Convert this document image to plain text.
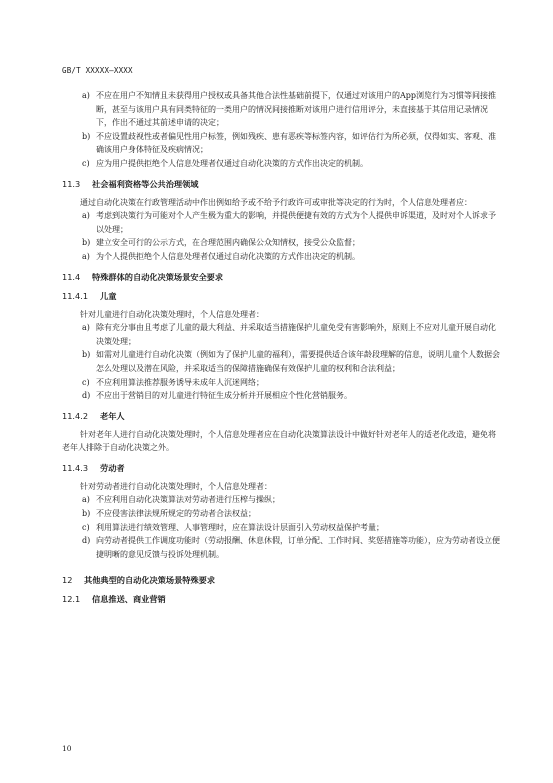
GB/T XXXXX—XXXX
a) 不应在用户不知情且未获得用户授权或具备其他合法性基础前提下，仅通过对该用户的App浏览行为习惯等间接推断，甚至与该用户具有同类特征的一类用户的情况间接推断对该用户进行信用评分，未直接基于其信用记录情况下，作出不通过其前述申请的决定；
b) 不应设置歧视性或者偏见性用户标签，例如残疾、患有恶疾等标签内容，如评估行为所必须，仅得如实、客观、准确该用户身体特征及疾病情况；
c) 应为用户提供拒绝个人信息处理者仅通过自动化决策的方式作出决定的机制。
11.3 社会福利资格等公共治理领域
通过自动化决策在行政管理活动中作出例如给予或不给予行政许可或审批等决定的行为时，个人信息处理者应：
a) 考虑到决策行为可能对个人产生极为重大的影响，并提供便捷有效的方式为个人提供申诉渠道，及时对个人诉求予以处理；
b) 建立安全可行的公示方式，在合理范围内确保公众知情权，接受公众监督；
a) 为个人提供拒绝个人信息处理者仅通过自动化决策的方式作出决定的机制。
11.4 特殊群体的自动化决策场景安全要求
11.4.1 儿童
针对儿童进行自动化决策处理时，个人信息处理者：
a) 除有充分事由且考虑了儿童的最大利益、并采取适当措施保护儿童免受有害影响外，原则上不应对儿童开展自动化决策处理；
b) 如需对儿童进行自动化决策（例如为了保护儿童的福利），需要提供适合该年龄段理解的信息，说明儿童个人数据会怎么处理以及潜在风险，并采取适当的保障措施确保有效保护儿童的权利和合法利益；
c) 不应利用算法推荐服务诱导未成年人沉迷网络；
d) 不应出于营销目的对儿童进行特征生成分析并开展相应个性化营销服务。
11.4.2 老年人
针对老年人进行自动化决策处理时，个人信息处理者应在自动化决策算法设计中做好针对老年人的适老化改造，避免将老年人排除于自动化决策之外。
11.4.3 劳动者
针对劳动者进行自动化决策处理时，个人信息处理者：
a) 不应利用自动化决策算法对劳动者进行压榨与操纵；
b) 不应侵害法律法规所规定的劳动者合法权益；
c) 利用算法进行绩效管理、人事管理时，应在算法设计层面引入劳动权益保护考量；
d) 向劳动者提供工作调度功能时（劳动报酬、休息休假，订单分配、工作时间、奖惩措施等功能），应为劳动者设立便捷明晰的意见反馈与投诉处理机制。
12 其他典型的自动化决策场景特殊要求
12.1 信息推送、商业营销
10
